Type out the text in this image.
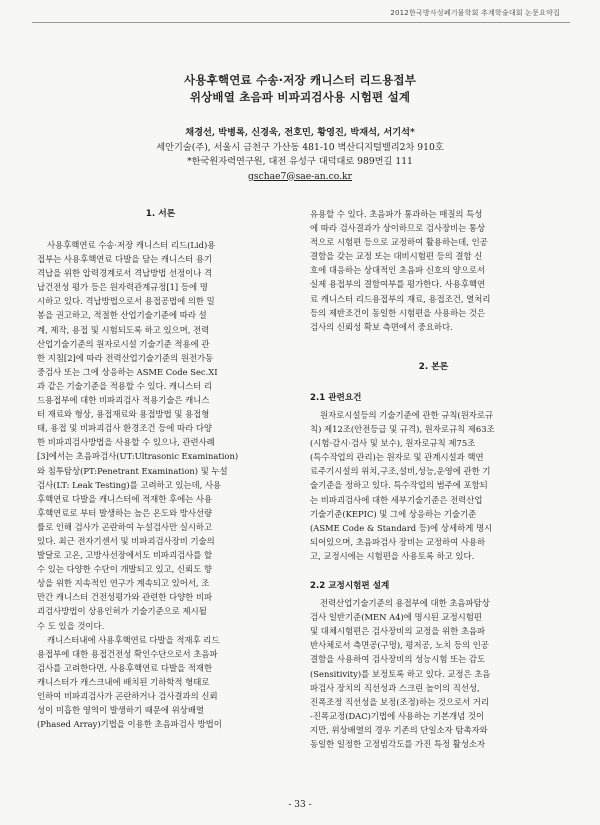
2012한국방사성폐기물학회 추계학술대회 논문요약집
사용후핵연료 수송·저장 캐니스터 리드용접부
위상배열 초음파 비파괴검사용 시험편 설계
채경선, 박병록, 신경욱, 전호민, 황영진, 박재석, 서기석*
세안기술(주), 서울시 금천구 가산동 481-10 벽산디지털밸리2차 910호
*한국원자력연구원, 대전 유성구 대덕대로 989번길 111
gschae7@sae-an.co.kr
1. 서론
사용후핵연료 수송·저장 캐니스터 리드(Lid)용
접부는 사용후핵연료 다발을 담는 캐니스터 용기
격납을 위한 압력경계로서 격납방법 선정이나 격
납건전성 평가 등은 원자력관계규정[1] 등에 명
시하고 있다. 격납방법으로서 용접공법에 의한 밀
봉을 권고하고, 적절한 산업기술기준에 따라 설
계, 제작, 용접 및 시험되도록 하고 있으며, 전력
산업기술기준의 원자로시설 기술기준 적용에 관
한 지침[2]에 따라 전력산업기술기준의 원전가동
중검사 또는 그에 상응하는 ASME Code Sec.XI
과 같은 기술기준을 적용할 수 있다. 캐니스터 리
드용접부에 대한 비파괴검사 적용기술은 캐니스
터 재료와 형상, 용접재료와 용접방법 및 용접형
태, 용접 및 비파괴검사 환경조건 등에 따라 다양
한 비파괴검사방법을 사용할 수 있으나, 관련사례
[3]에서는 초음파검사(UT:Ultrasonic Examination)
와 침투탐상(PT:Penetrant Examination) 및 누설
검사(LT: Leak Testing)를 고려하고 있는데, 사용
후핵연료 다발을 캐니스터에 적재한 후에는 사용
후핵연료로 부터 발생하는 높은 온도와 방사선량
률로 인해 검사가 곤란하여 누설검사만 실시하고
있다. 최근 전자기센서 및 비파괴검사장비 기술의
발달로 고온, 고방사선장에서도 비파괴검사를 할
수 있는 다양한 수단이 개발되고 있고, 신뢰도 향
상을 위한 지속적인 연구가 계속되고 있어서, 조
만간 캐니스터 건전성평가와 관련한 다양한 비파
괴검사방법이 상용인허가 기술기준으로 제시될
수 도 있을 것이다.
캐니스터내에 사용후핵연료 다발을 적재후 리드
용접부에 대한 용접건전성 확인수단으로서 초음파
검사를 고려한다면, 사용후핵연료 다발을 적재한
캐니스터가 캐스크내에 배치된 기하학적 형태로
인하여 비파괴검사가 곤란하거나 검사결과의 신뢰
성이 미흡한 영역이 발생하기 때문에 위상배열
(Phased Array)기법을 이용한 초음파검사 방법이
유용할 수 있다. 초음파가 통과하는 매질의 특성
에 따라 검사결과가 상이하므로 검사장비는 통상
적으로 시험편 등으로 교정하여 활용하는데, 인공
결함을 갖는 교정 또는 대비시험편 등의 결함 신
호에 대응하는 상대적인 초음파 신호의 양으로서
실제 용접부의 결함여부를 평가한다. 사용후핵연
료 캐니스터 리드용접부의 재료, 용접조건, 열처리
등의 제반조건이 동일한 시험편을 사용하는 것은
검사의 신뢰성 확보 측면에서 중요하다.
2. 본론
2.1 관련요건
원자로시설등의 기술기준에 관한 규칙(원자로규
칙) 제12조(안전등급 및 규격), 원자로규칙 제63조
(시험·감시·검사 및 보수), 원자로규칙 제75조
(특수작업의 관리)는 원자로 및 관계시설과 핵연
료주기시설의 위치,구조,설비,성능,운영에 관한 기
술기준을 정하고 있다. 특수작업의 범주에 포함되
는 비파괴검사에 대한 세부기술기준은 전력산업
기술기준(KEPIC) 및 그에 상응하는 기술기준
(ASME Code & Standard 등)에 상세하게 명시
되어있으며, 초음파검사 장비는 교정하여 사용하
고, 교정시에는 시험편을 사용토록 하고 있다.
2.2 교정시험편 설계
전력산업기술기준의 용접부에 대한 초음파탐상
검사 일반기준(MEN A4)에 명시된 교정시험편
및 대체시험편은 검사장비의 교정을 위한 초음파
반사체로서 측면공(구멍), 평저공, 노치 등의 인공
결함을 사용하여 검사장비의 성능시험 또는 감도
(Sensitivity)를 보정토록 하고 있다. 교정은 초음
파검사 장치의 직선성과 스크린 높이의 직선성,
진폭조정 직선성을 보정(조정)하는 것으로서 거리
-진폭교정(DAC)기법에 사용하는 기본개념 것이
지만, 위상배열의 경우 기존의 단일소자 탐촉자와
동일한 일정한 고정빔각도를 가진 특정 활성소자
- 33 -
